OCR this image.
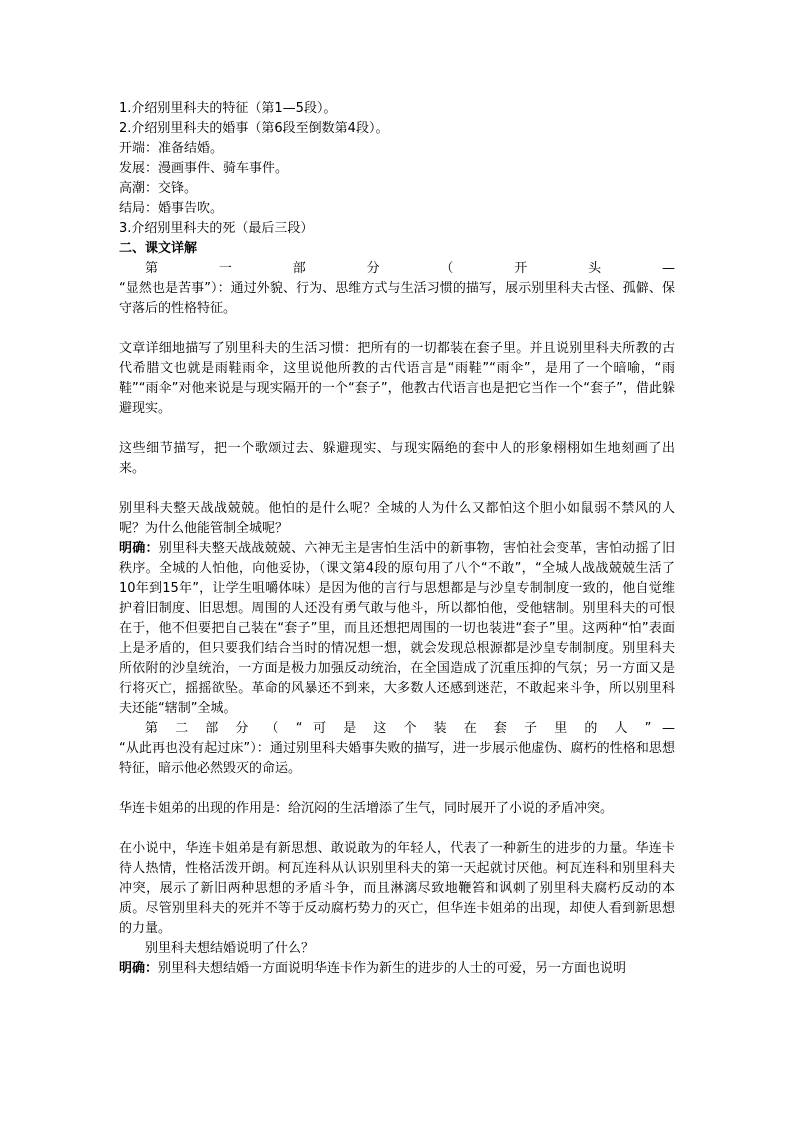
1.介绍别里科夫的特征（第1—5段）。
2.介绍别里科夫的婚事（第6段至倒数第4段）。
开端：准备结婚。
发展：漫画事件、骑车事件。
高潮：交锋。
结局：婚事告吹。
3.介绍别里科夫的死（最后三段）
二、课文详解
第 一 部 分 （ 开 头 —
“显然也是苦事”）：通过外貌、行为、思维方式与生活习惯的描写，展示别里科夫古怪、孤僻、保守落后的性格特征。
文章详细地描写了别里科夫的生活习惯：把所有的一切都装在套子里。并且说别里科夫所教的古代希腊文也就是雨鞋雨伞，这里说他所教的古代语言是“雨鞋”“雨伞”，是用了一个暗喻，“雨鞋”“雨伞”对他来说是与现实隔开的一个“套子”，他教古代语言也是把它当作一个“套子”，借此躲避现实。
这些细节描写，把一个歌颂过去、躲避现实、与现实隔绝的套中人的形象栩栩如生地刻画了出来。
别里科夫整天战战兢兢。他怕的是什么呢？全城的人为什么又都怕这个胆小如鼠弱不禁风的人呢？为什么他能管制全城呢？
明确：别里科夫整天战战兢兢、六神无主是害怕生活中的新事物，害怕社会变革，害怕动摇了旧秩序。全城的人怕他，向他妥协，（课文第4段的原句用了八个“不敢”，“全城人战战兢兢生活了10年到15年”，让学生咀嚼体味）是因为他的言行与思想都是与沙皇专制制度一致的，他自觉维护着旧制度、旧思想。周围的人还没有勇气敢与他斗，所以都怕他，受他辖制。别里科夫的可恨在于，他不但要把自己装在“套子”里，而且还想把周围的一切也装进“套子”里。这两种“怕”表面上是矛盾的，但只要我们结合当时的情况想一想，就会发现总根源都是沙皇专制制度。别里科夫所依附的沙皇统治，一方面是极力加强反动统治，在全国造成了沉重压抑的气氛；另一方面又是行将灭亡，摇摇欲坠。革命的风暴还不到来，大多数人还感到迷茫，不敢起来斗争，所以别里科夫还能“辖制”全城。
第 二 部 分 （ “ 可 是 这 个 装 在 套 子 里 的 人 ” —
“从此再也没有起过床”）：通过别里科夫婚事失败的描写，进一步展示他虚伪、腐朽的性格和思想特征，暗示他必然毁灭的命运。
华连卡姐弟的出现的作用是：给沉闷的生活增添了生气，同时展开了小说的矛盾冲突。
在小说中，华连卡姐弟是有新思想、敢说敢为的年轻人，代表了一种新生的进步的力量。华连卡待人热情，性格活泼开朗。柯瓦连科从认识别里科夫的第一天起就讨厌他。柯瓦连科和别里科夫冲突，展示了新旧两种思想的矛盾斗争，而且淋漓尽致地鞭笞和讽刺了别里科夫腐朽反动的本质。尽管别里科夫的死并不等于反动腐朽势力的灭亡，但华连卡姐弟的出现，却使人看到新思想的力量。
别里科夫想结婚说明了什么？
明确：别里科夫想结婚一方面说明华连卡作为新生的进步的人士的可爱，另一方面也说明
